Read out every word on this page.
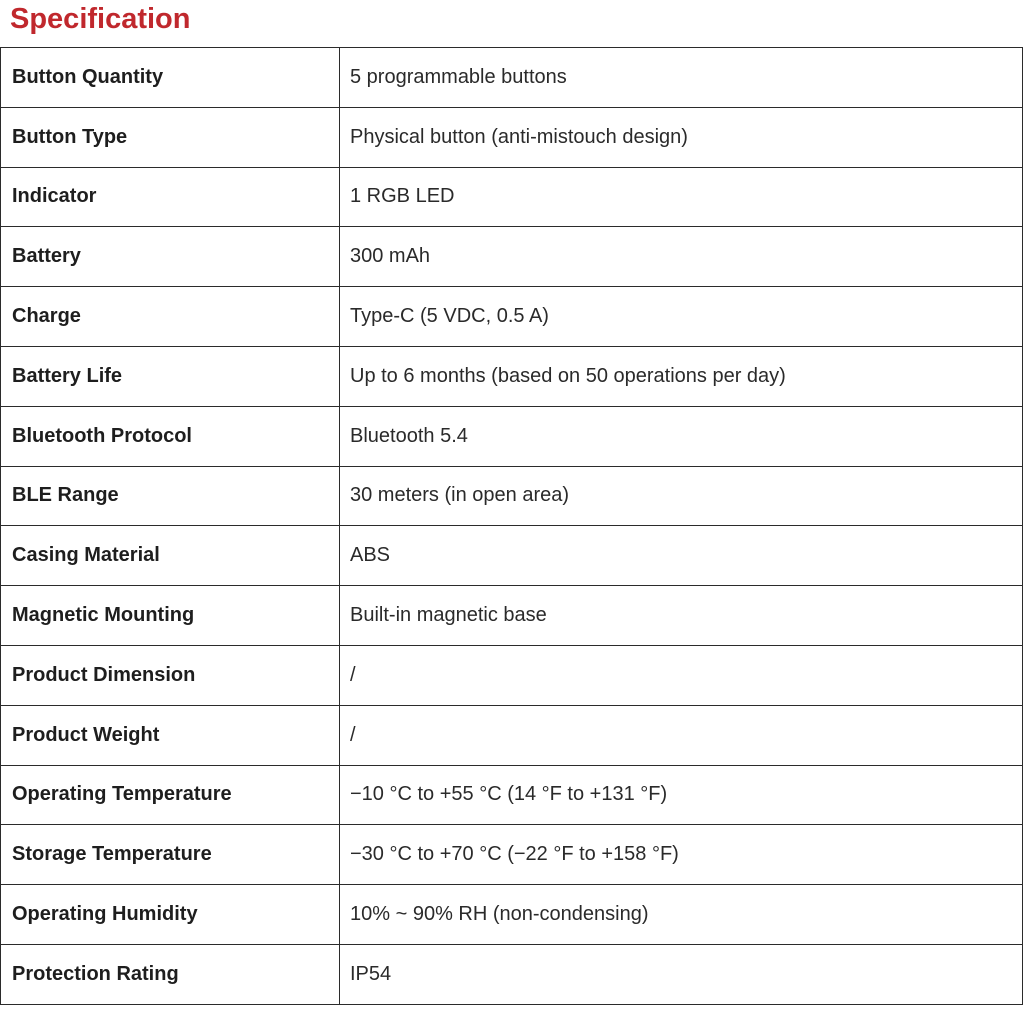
Specification
Button Quantity	5 programmable buttons
Button Type	Physical button (anti-mistouch design)
Indicator	1 RGB LED
Battery	300 mAh
Charge	Type-C (5 VDC, 0.5 A)
Battery Life	Up to 6 months (based on 50 operations per day)
Bluetooth Protocol	Bluetooth 5.4
BLE Range	30 meters (in open area)
Casing Material	ABS
Magnetic Mounting	Built-in magnetic base
Product Dimension	/
Product Weight	/
Operating Temperature	−10 °C to +55 °C (14 °F to +131 °F)
Storage Temperature	−30 °C to +70 °C (−22 °F to +158 °F)
Operating Humidity	10% ~ 90% RH (non-condensing)
Protection Rating	IP54
